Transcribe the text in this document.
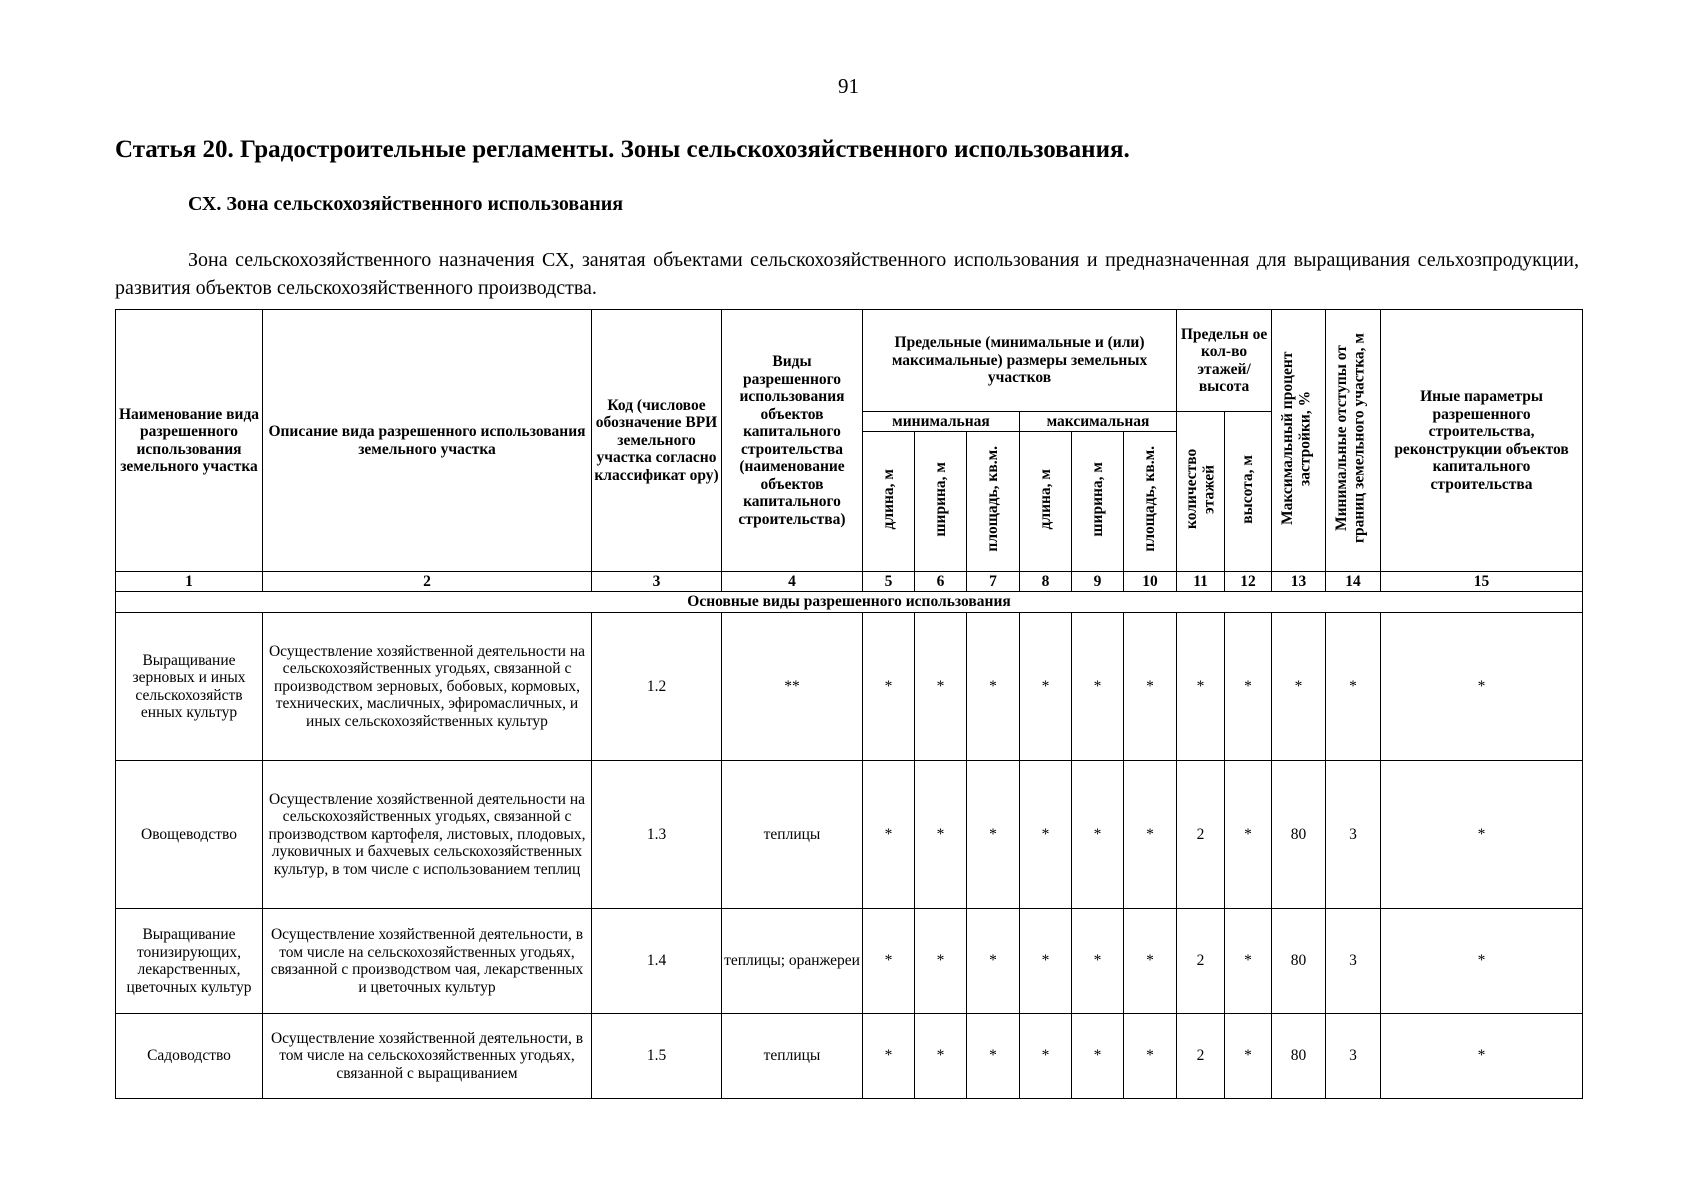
91
Статья 20. Градостроительные регламенты. Зоны сельскохозяйственного использования.
СХ. Зона сельскохозяйственного использования
Зона сельскохозяйственного назначения СХ, занятая объектами сельскохозяйственного использования и предназначенная для выращивания сельхозпродукции, развития объектов сельскохозяйственного производства.
Наименование вида разрешенного использования земельного участка	Описание вида разрешенного использования земельного участка	Код (числовое обозначение ВРИ земельного участка согласно классификат ору)	Виды разрешенного использования объектов капитального строительства (наименование объектов капитального строительства)	Предельные (минимальные и (или) максимальные) размеры земельных участков						Предельн ое кол-во этажей/ высота		Максимальный процент застройки, %	Минимальные отступы от границ земельного участка, м	Иные параметры разрешенного строительства, реконструкции объектов капитального строительства
				минимальная			максимальная			количество этажей	высота, м			
				длина, м	ширина, м	площадь, кв.м.	длина, м	ширина, м	площадь, кв.м.					
1	2	3	4	5	6	7	8	9	10	11	12	13	14	15
Основные виды разрешенного использования														
Выращивание зерновых и иных сельскохозяйств енных культур	Осуществление хозяйственной деятельности на сельскохозяйственных угодьях, связанной с производством зерновых, бобовых, кормовых, технических, масличных, эфиромасличных, и иных сельскохозяйственных культур	1.2	**	*	*	*	*	*	*	*	*	*	*	*
Овощеводство	Осуществление хозяйственной деятельности на сельскохозяйственных угодьях, связанной с производством картофеля, листовых, плодовых, луковичных и бахчевых сельскохозяйственных культур, в том числе с использованием теплиц	1.3	теплицы	*	*	*	*	*	*	2	*	80	3	*
Выращивание тонизирующих, лекарственных, цветочных культур	Осуществление хозяйственной деятельности, в том числе на сельскохозяйственных угодьях, связанной с производством чая, лекарственных и цветочных культур	1.4	теплицы; оранжереи	*	*	*	*	*	*	2	*	80	3	*
Садоводство	Осуществление хозяйственной деятельности, в том числе на сельскохозяйственных угодьях, связанной с выращиванием	1.5	теплицы	*	*	*	*	*	*	2	*	80	3	*
